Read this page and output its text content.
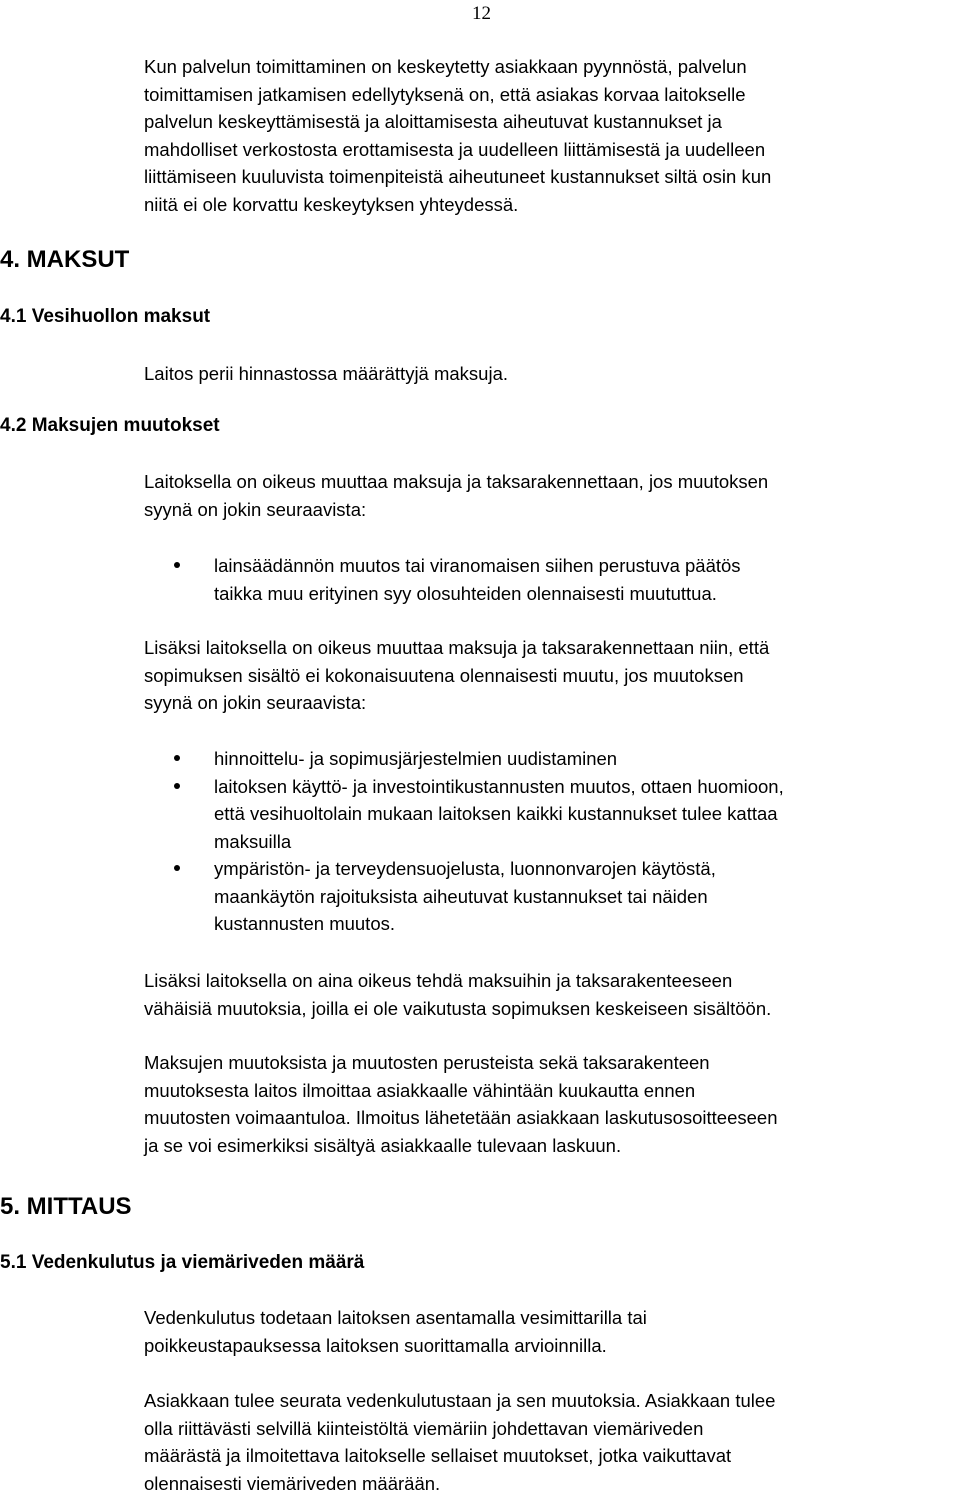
12
Kun palvelun toimittaminen on keskeytetty asiakkaan pyynnöstä, palvelun
toimittamisen jatkamisen edellytyksenä on, että asiakas korvaa laitokselle
palvelun keskeyttämisestä ja aloittamisesta aiheutuvat kustannukset ja
mahdolliset verkostosta erottamisesta ja uudelleen liittämisestä ja uudelleen
liittämiseen kuuluvista toimenpiteistä aiheutuneet kustannukset siltä osin kun
niitä ei ole korvattu keskeytyksen yhteydessä.
4. MAKSUT
4.1 Vesihuollon maksut
Laitos perii hinnastossa määrättyjä maksuja.
4.2 Maksujen muutokset
Laitoksella on oikeus muuttaa maksuja ja taksarakennettaan, jos muutoksen
syynä on jokin seuraavista:
lainsäädännön muutos tai viranomaisen siihen perustuva päätös
taikka muu erityinen syy olosuhteiden olennaisesti muututtua.
Lisäksi laitoksella on oikeus muuttaa maksuja ja taksarakennettaan niin, että
sopimuksen sisältö ei kokonaisuutena olennaisesti muutu, jos muutoksen
syynä on jokin seuraavista:
hinnoittelu- ja sopimusjärjestelmien uudistaminen
laitoksen käyttö- ja investointikustannusten muutos, ottaen huomioon,
että vesihuoltolain mukaan laitoksen kaikki kustannukset tulee kattaa
maksuilla
ympäristön- ja terveydensuojelusta, luonnonvarojen käytöstä,
maankäytön rajoituksista aiheutuvat kustannukset tai näiden
kustannusten muutos.
Lisäksi laitoksella on aina oikeus tehdä maksuihin ja taksarakenteeseen
vähäisiä muutoksia, joilla ei ole vaikutusta sopimuksen keskeiseen sisältöön.
Maksujen muutoksista ja muutosten perusteista sekä taksarakenteen
muutoksesta laitos ilmoittaa asiakkaalle vähintään kuukautta ennen
muutosten voimaantuloa. Ilmoitus lähetetään asiakkaan laskutusosoitteeseen
ja se voi esimerkiksi sisältyä asiakkaalle tulevaan laskuun.
5. MITTAUS
5.1 Vedenkulutus ja viemäriveden määrä
Vedenkulutus todetaan laitoksen asentamalla vesimittarilla tai
poikkeustapauksessa laitoksen suorittamalla arvioinnilla.
Asiakkaan tulee seurata vedenkulutustaan ja sen muutoksia. Asiakkaan tulee
olla riittävästi selvillä kiinteistöltä viemäriin johdettavan viemäriveden
määrästä ja ilmoitettava laitokselle sellaiset muutokset, jotka vaikuttavat
olennaisesti viemäriveden määrään.
